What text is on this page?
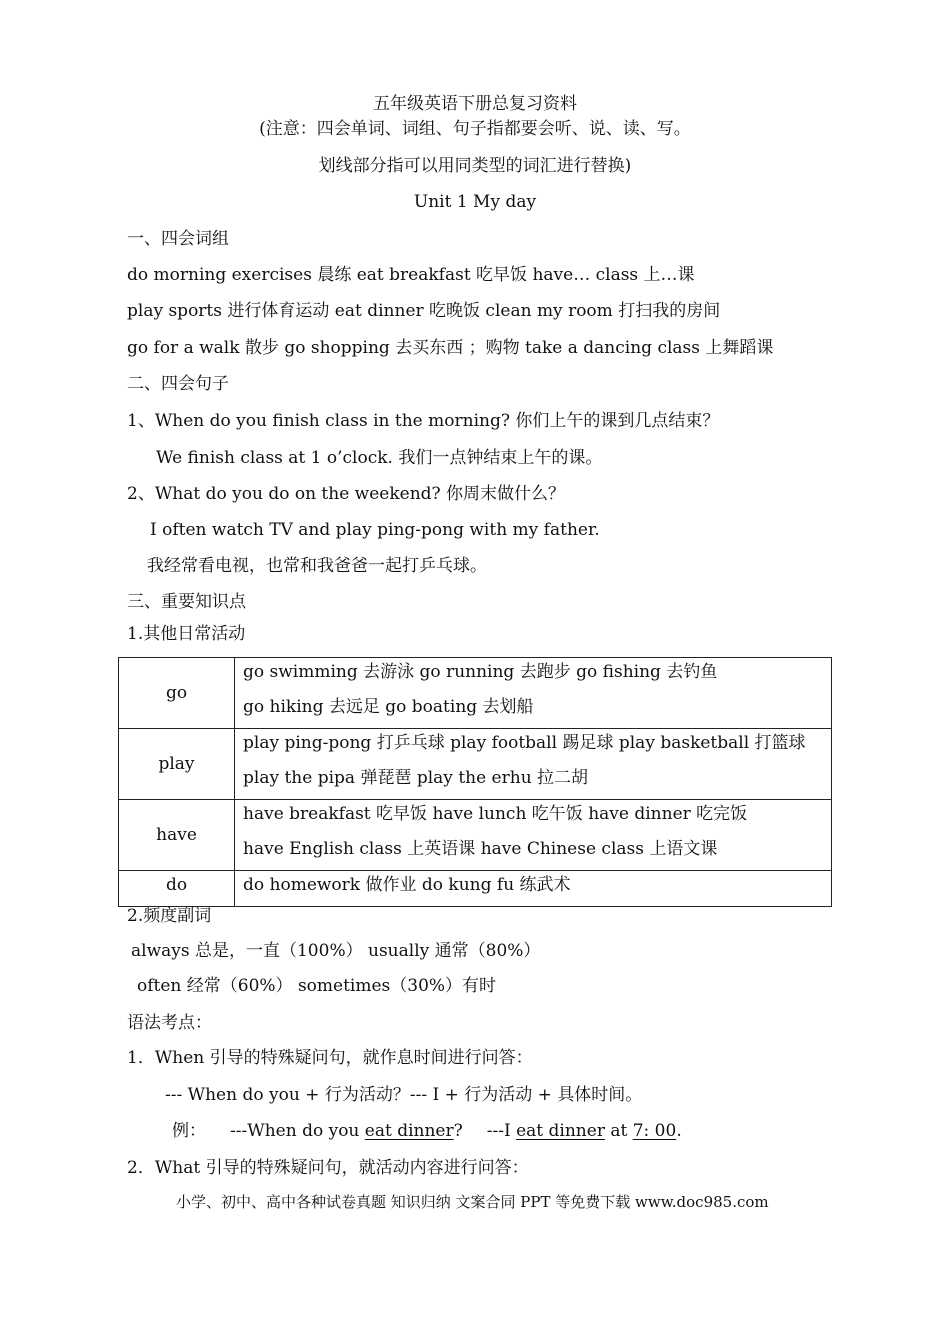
五年级英语下册总复习资料
(注意：四会单词、词组、句子指都要会听、说、读、写。
划线部分指可以用同类型的词汇进行替换)
Unit 1 My day
一、四会词组
do morning exercises 晨练 eat breakfast 吃早饭 have… class 上…课
play sports 进行体育运动 eat dinner 吃晚饭 clean my room 打扫我的房间
go for a walk 散步 go shopping 去买东西 ；购物 take a dancing class 上舞蹈课
二、四会句子
1、When do you finish class in the morning? 你们上午的课到几点结束？
We finish class at 1 o’clock. 我们一点钟结束上午的课。
2、What do you do on the weekend? 你周末做什么？
I often watch TV and play ping-pong with my father.
我经常看电视，也常和我爸爸一起打乒乓球。
三、重要知识点
1.其他日常活动
go	go swimming 去游泳 go running 去跑步 go fishing 去钓鱼
go hiking 去远足 go boating 去划船

play	play ping-pong 打乒乓球 play football 踢足球 play basketball 打篮球
play the pipa 弹琵琶 play the erhu 拉二胡

have	have breakfast 吃早饭 have lunch 吃午饭 have dinner 吃完饭
have English class 上英语课 have Chinese class 上语文课

do	do homework 做作业 do kung fu 练武术
2.频度副词
always 总是，一直（100%） usually 通常（80%）
often 经常（60%） sometimes（30%）有时
语法考点：
1．When 引导的特殊疑问句，就作息时间进行问答：
--- When do you + 行为活动？--- I + 行为活动 + 具体时间。
例： ---When do you eat dinner? ---I eat dinner at 7: 00.
2．What 引导的特殊疑问句，就活动内容进行问答：
小学、初中、高中各种试卷真题 知识归纳 文案合同 PPT 等免费下载 www.doc985.com
